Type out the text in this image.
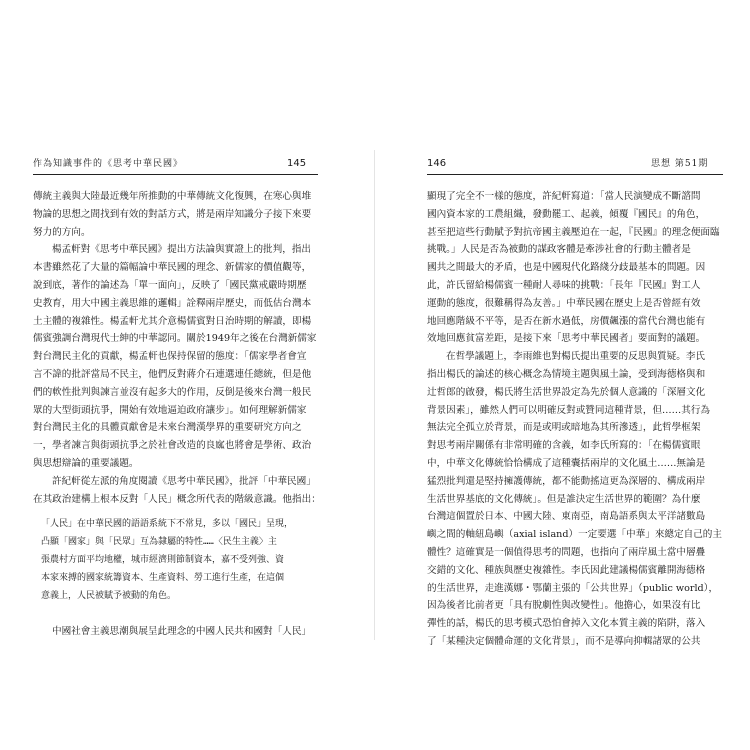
作為知識事件的《思考中華民國》	145
傳統主義與大陸最近幾年所推動的中華傳統文化復興，在寒心與堆
物論的思想之間找到有效的對話方式，將是兩岸知識分子接下來要
努力的方向。
楊孟軒對《思考中華民國》提出方法論與實證上的批判，指出
本書雖然花了大量的篇幅論中華民國的理念、新儒家的價值觀等，
說到底，著作的論述為「單一面向」，反映了「國民黨戒嚴時期歷
史教育，用大中國主義思維的邏輯」詮釋兩岸歷史，而低估台灣本
土主體的複雜性。楊孟軒尤其介意楊儒賓對日治時期的解讀，即楊
儒賓強調台灣現代士紳的中華認同。關於1949年之後在台灣新儒家
對台灣民主化的貢獻，楊孟軒也保持保留的態度：「儒家學者會宣
言不諱的批評當局不民主，他們反對蔣介石連選連任總統，但是他
們的軟性批判與諫言並沒有起多大的作用，反倒是後來台灣一般民
眾的大型街頭抗爭，開始有效地逼迫政府讓步」。如何理解新儒家
對台灣民主化的具體貢獻會是未來台灣漢學界的重要研究方向之
一，學者諫言與街頭抗爭之於社會改造的良寙也將會是學術、政治
與思想辯論的重要議題。
許紀軒從左派的角度閱讀《思考中華民國》，批評「中華民國」
在其政治建構上根本反對「人民」概念所代表的階級意識。他指出：
「人民」在中華民國的語語系統下不常見，多以「國民」呈現，
凸顯「國家」與「民眾」互為隸屬的特性……〈民生主義〉主
張農村方面平均地權，城市經濟則節制資本，嘉不受列強、資
本家來搏的國家統籌資本、生產資料、勞工進行生產，在這個
意義上，人民被賦予被動的角色。
中國社會主義思潮與展呈此理念的中國人民共和國對「人民」
146	思想 第51期
顯現了完全不一樣的態度，許紀軒寫道：「當人民演變成不斷諮問
國內資本家的工農組織，發動罷工、起義，傾覆『國民』的角色，
甚至把這些行動賦予對抗帝國主義壓迫在一起，『民國』的理念便面臨
挑戰。」人民是否為被動的謀政客體是牽涉社會的行動主體者是
國共之間最大的矛盾，也是中國現代化路綫分歧最基本的問題。因
此，許氏留給楊儒賓一種耐人尋味的挑戰：「長年『民國』對工人
運動的態度，很難稱得為友善。」中華民國在歷史上是否曾經有效
地回應階級不平等，是否在新水過低，房價飆漲的當代台灣也能有
效地回應貧富差距，是接下來「思考中華民國者」要面對的議題。
在哲學議題上，李雨維也對楊氏提出重要的反思與質疑。李氏
指出楊氏的論述的核心概念為情境主題與風土論，受到海德格與和
辻哲郎的啟發，楊氏將生活世界設定為先於個人意識的「深層文化
背景因素」，雖然人們可以明確反對或贊同這種背景，但……其行為
無法完全孤立於背景，而是或明或暗地為其所滲透」，此哲學框架
對思考兩岸關係有非常明確的含義，如李氏所寫的：「在楊儒賓眼
中，中華文化傳統恰恰構成了這種囊括兩岸的文化風土……無論是
猛烈批判還是堅持擁護傳統，都不能動搖這更為深層的、構成兩岸
生活世界基底的文化傳統」。但是誰決定生活世界的範圍？為什麼
台灣這個置於日本、中國大陸、東南亞，南島語系與太平洋諸數島
嶼之間的軸紐島嶼（axial island）一定要選「中華」來總定自己的主
體性？這確實是一個值得思考的問題，也指向了兩岸風土當中層疊
交錯的文化、種族與歷史複雜性。李氏因此建議楊儒賓離開海德格
的生活世界，走進漢娜・鄂蘭主張的「公共世界」（public world），
因為後者比前者更「具有脫劇性與改變性」。他擔心，如果沒有比
彈性的話，楊氏的思考模式恐怕會掉入文化本質主義的陷阱，落入
了「某種決定個體命運的文化背景」，而不是導向抑輯諸眾的公共
